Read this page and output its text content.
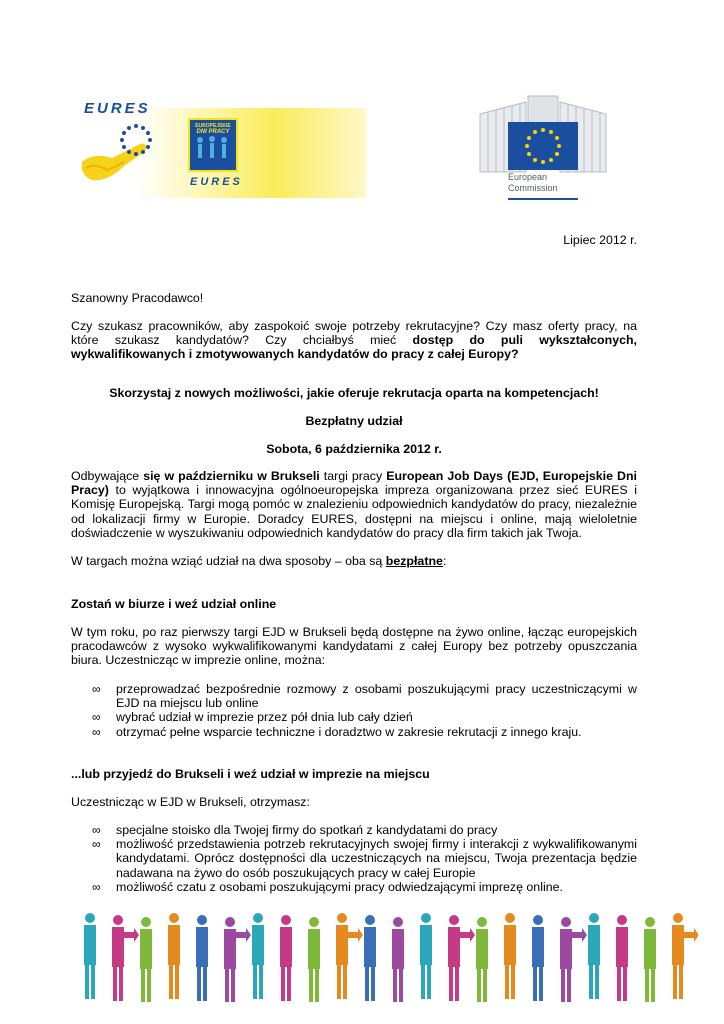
EURES
EUROPEJSKIE
DNI PRACY
EURES	European
Commission

Lipiec 2012 r.

Szanowny Pracodawco!

Czy szukasz pracowników, aby zaspokoić swoje potrzeby rekrutacyjne? Czy masz oferty pracy, na które szukasz kandydatów? Czy chciałbyś mieć dostęp do puli wykształconych, wykwalifikowanych i zmotywowanych kandydatów do pracy z całej Europy?

Skorzystaj z nowych możliwości, jakie oferuje rekrutacja oparta na kompetencjach!

Bezpłatny udział

Sobota, 6 października 2012 r.

Odbywające się w październiku w Brukseli targi pracy European Job Days (EJD, Europejskie Dni Pracy) to wyjątkowa i innowacyjna ogólnoeuropejska impreza organizowana przez sieć EURES i Komisję Europejską. Targi mogą pomóc w znalezieniu odpowiednich kandydatów do pracy, niezależnie od lokalizacji firmy w Europie. Doradcy EURES, dostępni na miejscu i online, mają wieloletnie doświadczenie w wyszukiwaniu odpowiednich kandydatów do pracy dla firm takich jak Twoja.

W targach można wziąć udział na dwa sposoby – oba są bezpłatne:

Zostań w biurze i weź udział online

W tym roku, po raz pierwszy targi EJD w Brukseli będą dostępne na żywo online, łącząc europejskich pracodawców z wysoko wykwalifikowanymi kandydatami z całej Europy bez potrzeby opuszczania biura. Uczestnicząc w imprezie online, można:

∞ przeprowadzać bezpośrednie rozmowy z osobami poszukującymi pracy uczestniczącymi w EJD na miejscu lub online
∞ wybrać udział w imprezie przez pół dnia lub cały dzień
∞ otrzymać pełne wsparcie techniczne i doradztwo w zakresie rekrutacji z innego kraju.

...lub przyjedź do Brukseli i weź udział w imprezie na miejscu

Uczestnicząc w EJD w Brukseli, otrzymasz:

∞ specjalne stoisko dla Twojej firmy do spotkań z kandydatami do pracy
∞ możliwość przedstawienia potrzeb rekrutacyjnych swojej firmy i interakcji z wykwalifikowanymi kandydatami. Oprócz dostępności dla uczestniczących na miejscu, Twoja prezentacja będzie nadawana na żywo do osób poszukujących pracy w całej Europie
∞ możliwość czatu z osobami poszukującymi pracy odwiedzającymi imprezę online.
